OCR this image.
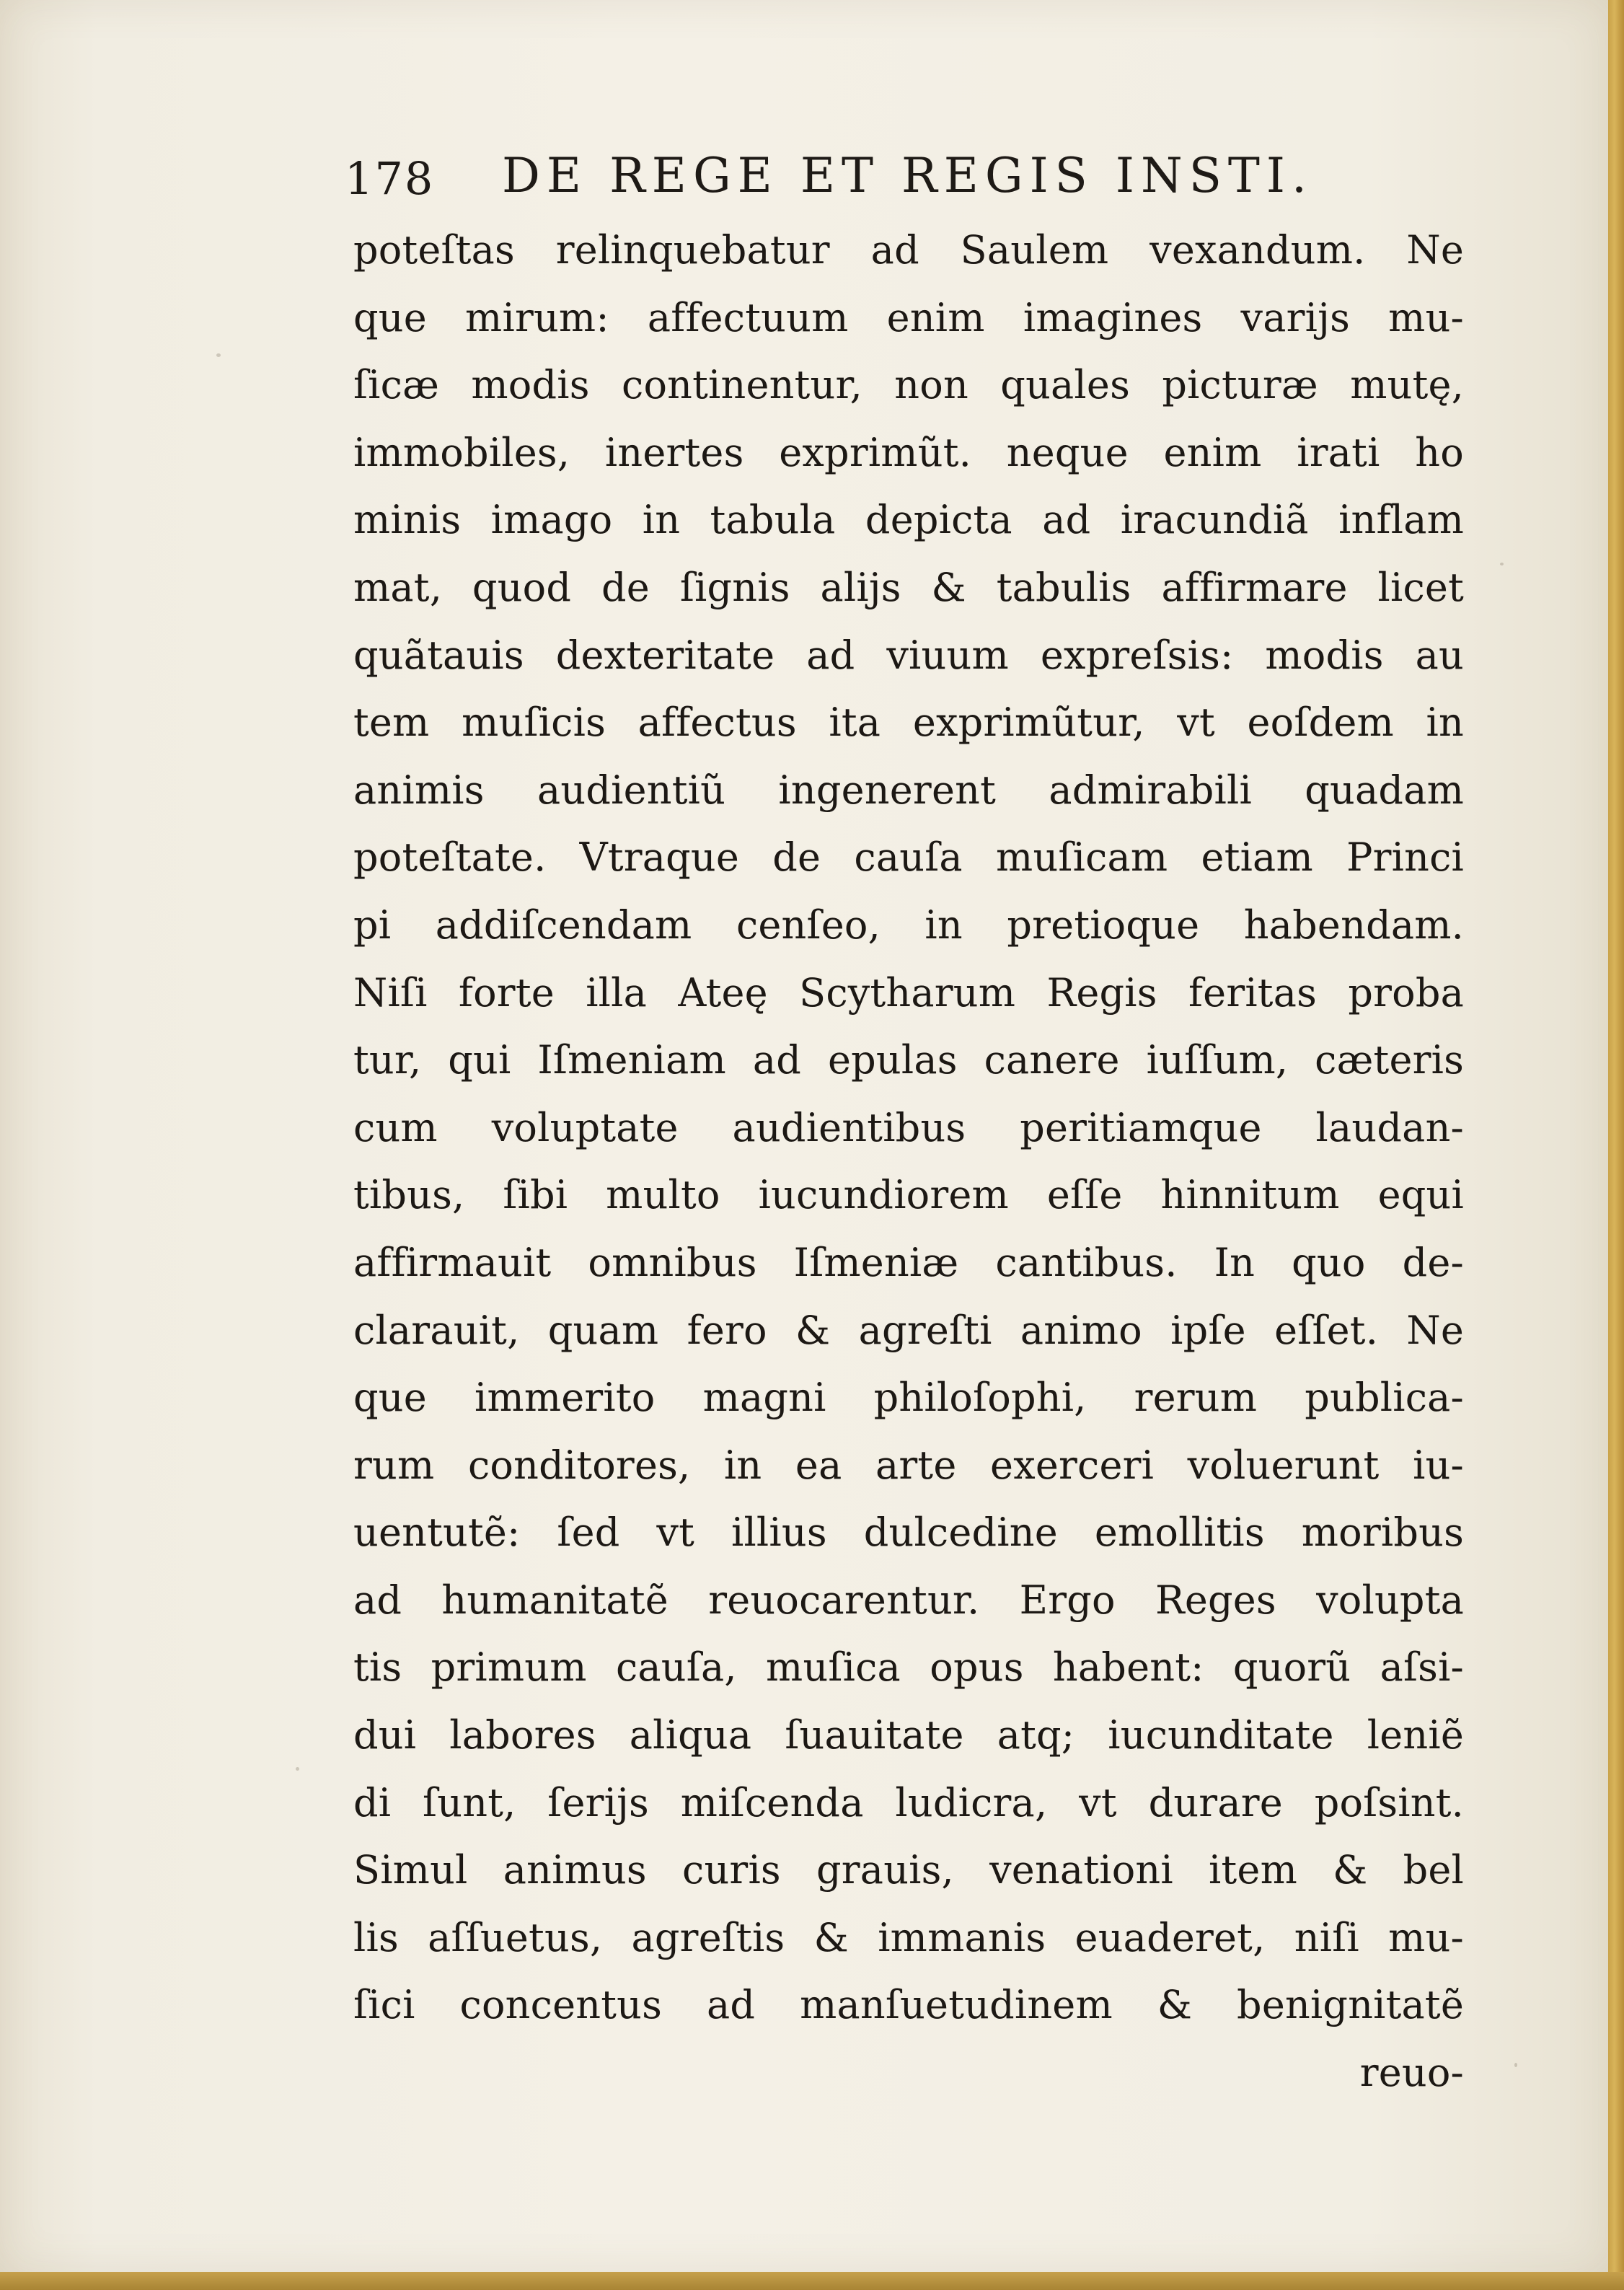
178 DE REGE ET REGIS INSTI.
poteſtas relinquebatur ad Saulem vexandum. Ne
que mirum: affectuum enim imagines varijs mu-
ſicæ modis continentur, non quales picturæ mutę,
immobiles, inertes exprimũt. neque enim irati ho
minis imago in tabula depicta ad iracundiã inflam
mat, quod de ſignis alijs & tabulis affirmare licet
quãtauis dexteritate ad viuum expreſsis: modis au
tem muſicis affectus ita exprimũtur, vt eoſdem in
animis audientiũ ingenerent admirabili quadam
poteſtate. Vtraque de cauſa muſicam etiam Princi
pi addiſcendam cenſeo, in pretioque habendam.
Niſi forte illa Ateę Scytharum Regis feritas proba
tur, qui Iſmeniam ad epulas canere iuſſum, cæteris
cum voluptate audientibus peritiamque laudan-
tibus, ſibi multo iucundiorem eſſe hinnitum equi
affirmauit omnibus Iſmeniæ cantibus. In quo de-
clarauit, quam fero & agreſti animo ipſe eſſet. Ne
que immerito magni philoſophi, rerum publica-
rum conditores, in ea arte exerceri voluerunt iu-
uentutẽ: ſed vt illius dulcedine emollitis moribus
ad humanitatẽ reuocarentur. Ergo Reges volupta
tis primum cauſa, muſica opus habent: quorũ aſsi-
dui labores aliqua ſuauitate atq; iucunditate leniẽ
di ſunt, ſerijs miſcenda ludicra, vt durare poſsint.
Simul animus curis grauis, venationi item & bel
lis aſſuetus, agreſtis & immanis euaderet, niſi mu-
ſici concentus ad manſuetudinem & benignitatẽ
reuo-
